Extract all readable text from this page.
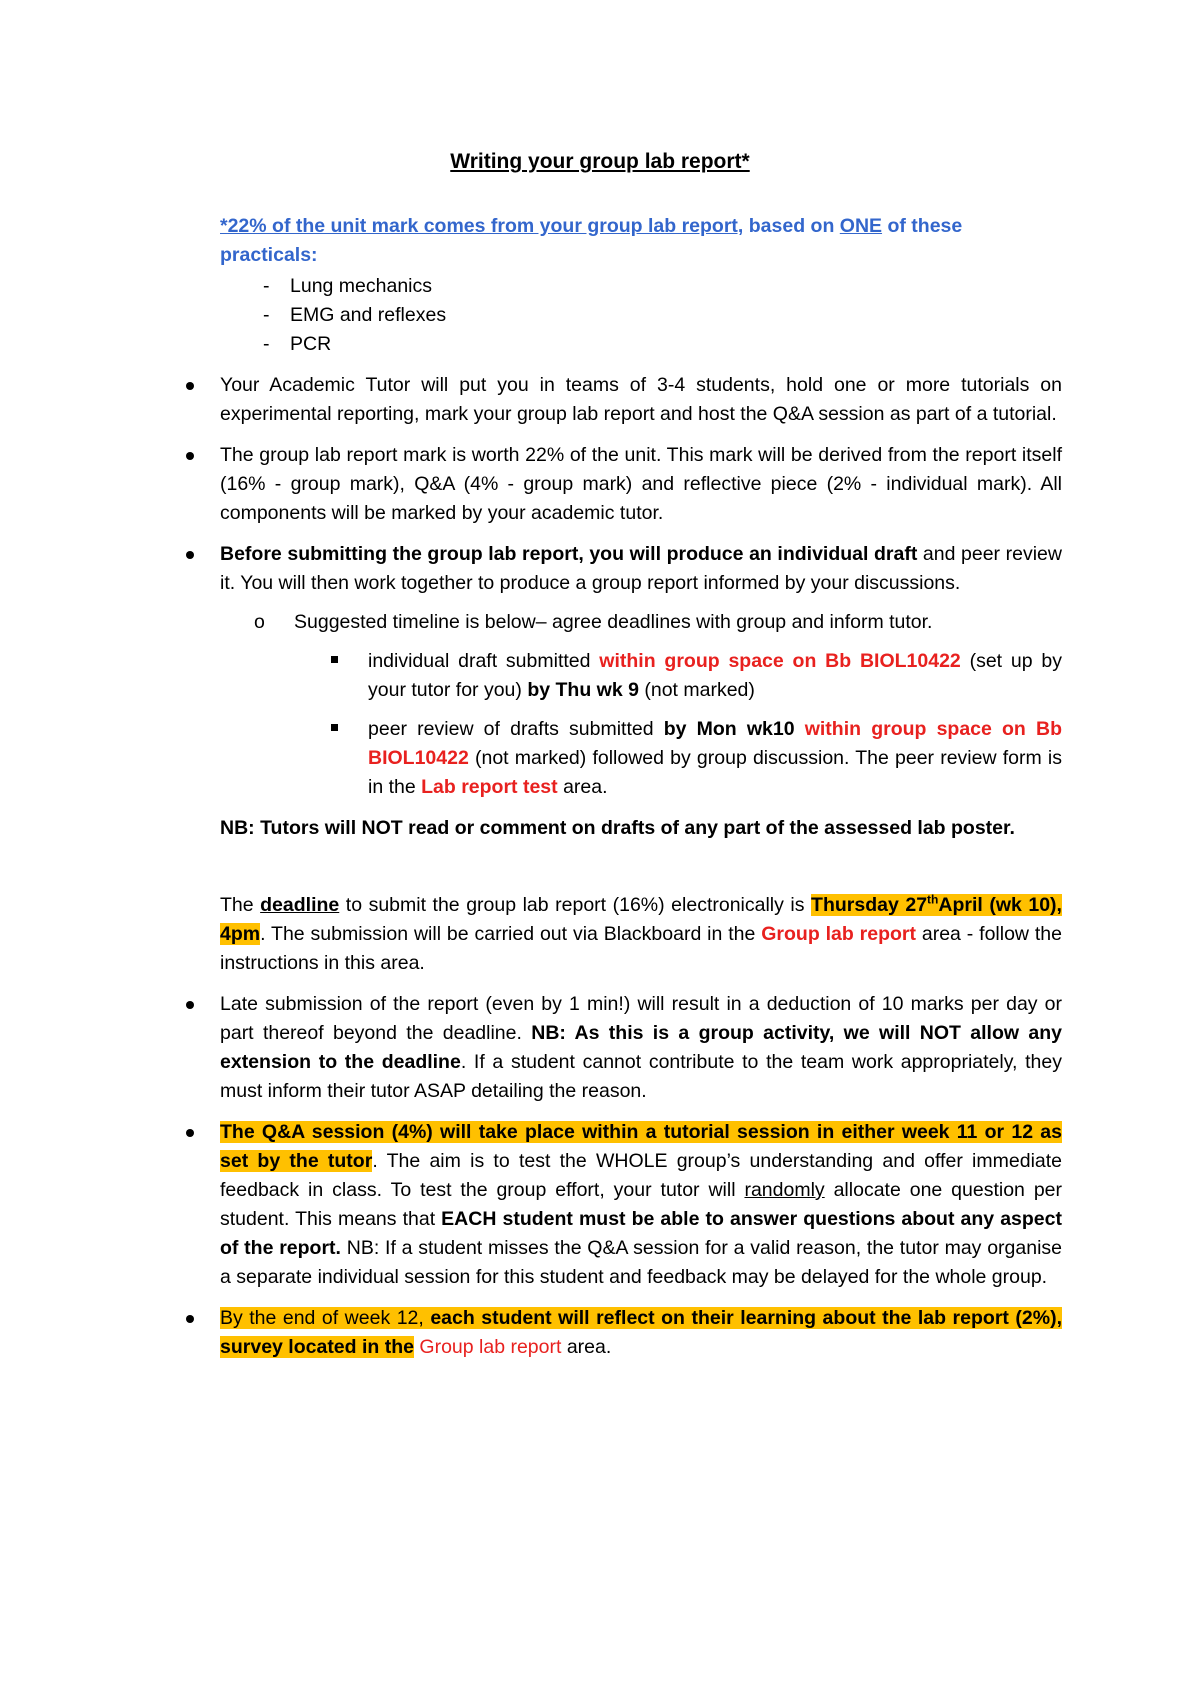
Writing your group lab report*
*22% of the unit mark comes from your group lab report, based on ONE of these practicals:
- Lung mechanics
- EMG and reflexes
- PCR
Your Academic Tutor will put you in teams of 3-4 students, hold one or more tutorials on experimental reporting, mark your group lab report and host the Q&A session as part of a tutorial.
The group lab report mark is worth 22% of the unit. This mark will be derived from the report itself (16% - group mark), Q&A (4% - group mark) and reflective piece (2% - individual mark). All components will be marked by your academic tutor.
Before submitting the group lab report, you will produce an individual draft and peer review it. You will then work together to produce a group report informed by your discussions.
o Suggested timeline is below– agree deadlines with group and inform tutor.
individual draft submitted within group space on Bb BIOL10422 (set up by your tutor for you) by Thu wk 9 (not marked)
peer review of drafts submitted by Mon wk10 within group space on Bb BIOL10422 (not marked) followed by group discussion. The peer review form is in the Lab report test area.
NB: Tutors will NOT read or comment on drafts of any part of the assessed lab poster.
The deadline to submit the group lab report (16%) electronically is Thursday 27thApril (wk 10), 4pm. The submission will be carried out via Blackboard in the Group lab report area - follow the instructions in this area.
Late submission of the report (even by 1 min!) will result in a deduction of 10 marks per day or part thereof beyond the deadline. NB: As this is a group activity, we will NOT allow any extension to the deadline. If a student cannot contribute to the team work appropriately, they must inform their tutor ASAP detailing the reason.
The Q&A session (4%) will take place within a tutorial session in either week 11 or 12 as set by the tutor. The aim is to test the WHOLE group’s understanding and offer immediate feedback in class. To test the group effort, your tutor will randomly allocate one question per student. This means that EACH student must be able to answer questions about any aspect of the report. NB: If a student misses the Q&A session for a valid reason, the tutor may organise a separate individual session for this student and feedback may be delayed for the whole group.
By the end of week 12, each student will reflect on their learning about the lab report (2%), survey located in the Group lab report area.
